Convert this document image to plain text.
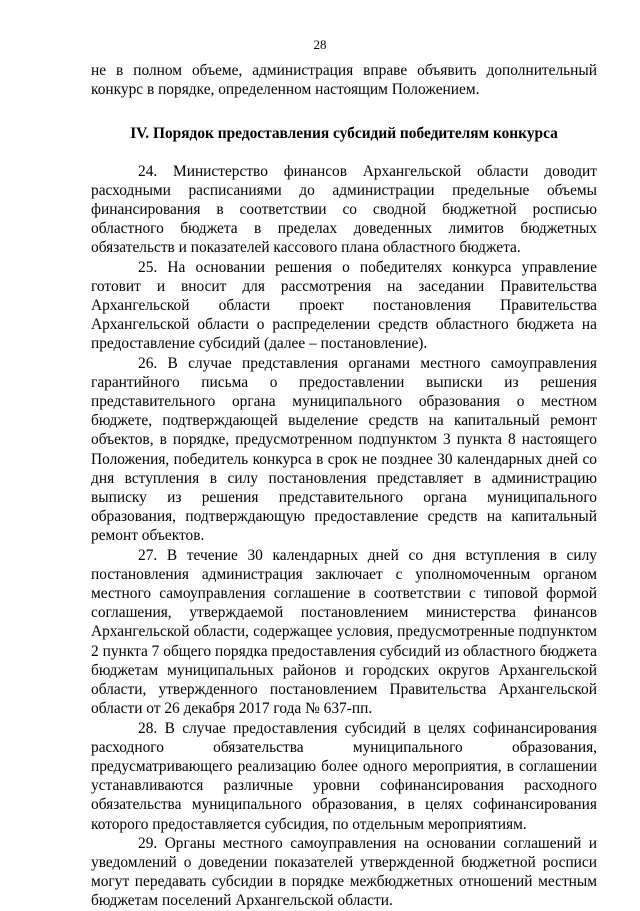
28

не в полном объеме, администрация вправе объявить дополнительный конкурс в порядке, определенном настоящим Положением.

IV. Порядок предоставления субсидий победителям конкурса

24. Министерство финансов Архангельской области доводит расходными расписаниями до администрации предельные объемы финансирования в соответствии со сводной бюджетной росписью областного бюджета в пределах доведенных лимитов бюджетных обязательств и показателей кассового плана областного бюджета.

25. На основании решения о победителях конкурса управление готовит и вносит для рассмотрения на заседании Правительства Архангельской области проект постановления Правительства Архангельской области о распределении средств областного бюджета на предоставление субсидий (далее – постановление).

26. В случае представления органами местного самоуправления гарантийного письма о предоставлении выписки из решения представительного органа муниципального образования о местном бюджете, подтверждающей выделение средств на капитальный ремонт объектов, в порядке, предусмотренном подпунктом 3 пункта 8 настоящего Положения, победитель конкурса в срок не позднее 30 календарных дней со дня вступления в силу постановления представляет в администрацию выписку из решения представительного органа муниципального образования, подтверждающую предоставление средств на капитальный ремонт объектов.

27. В течение 30 календарных дней со дня вступления в силу постановления администрация заключает с уполномоченным органом местного самоуправления соглашение в соответствии с типовой формой соглашения, утверждаемой постановлением министерства финансов Архангельской области, содержащее условия, предусмотренные подпунктом 2 пункта 7 общего порядка предоставления субсидий из областного бюджета бюджетам муниципальных районов и городских округов Архангельской области, утвержденного постановлением Правительства Архангельской области от 26 декабря 2017 года № 637-пп.

28. В случае предоставления субсидий в целях софинансирования расходного обязательства муниципального образования, предусматривающего реализацию более одного мероприятия, в соглашении устанавливаются различные уровни софинансирования расходного обязательства муниципального образования, в целях софинансирования которого предоставляется субсидия, по отдельным мероприятиям.

29. Органы местного самоуправления на основании соглашений и уведомлений о доведении показателей утвержденной бюджетной росписи могут передавать субсидии в порядке межбюджетных отношений местным бюджетам поселений Архангельской области.
